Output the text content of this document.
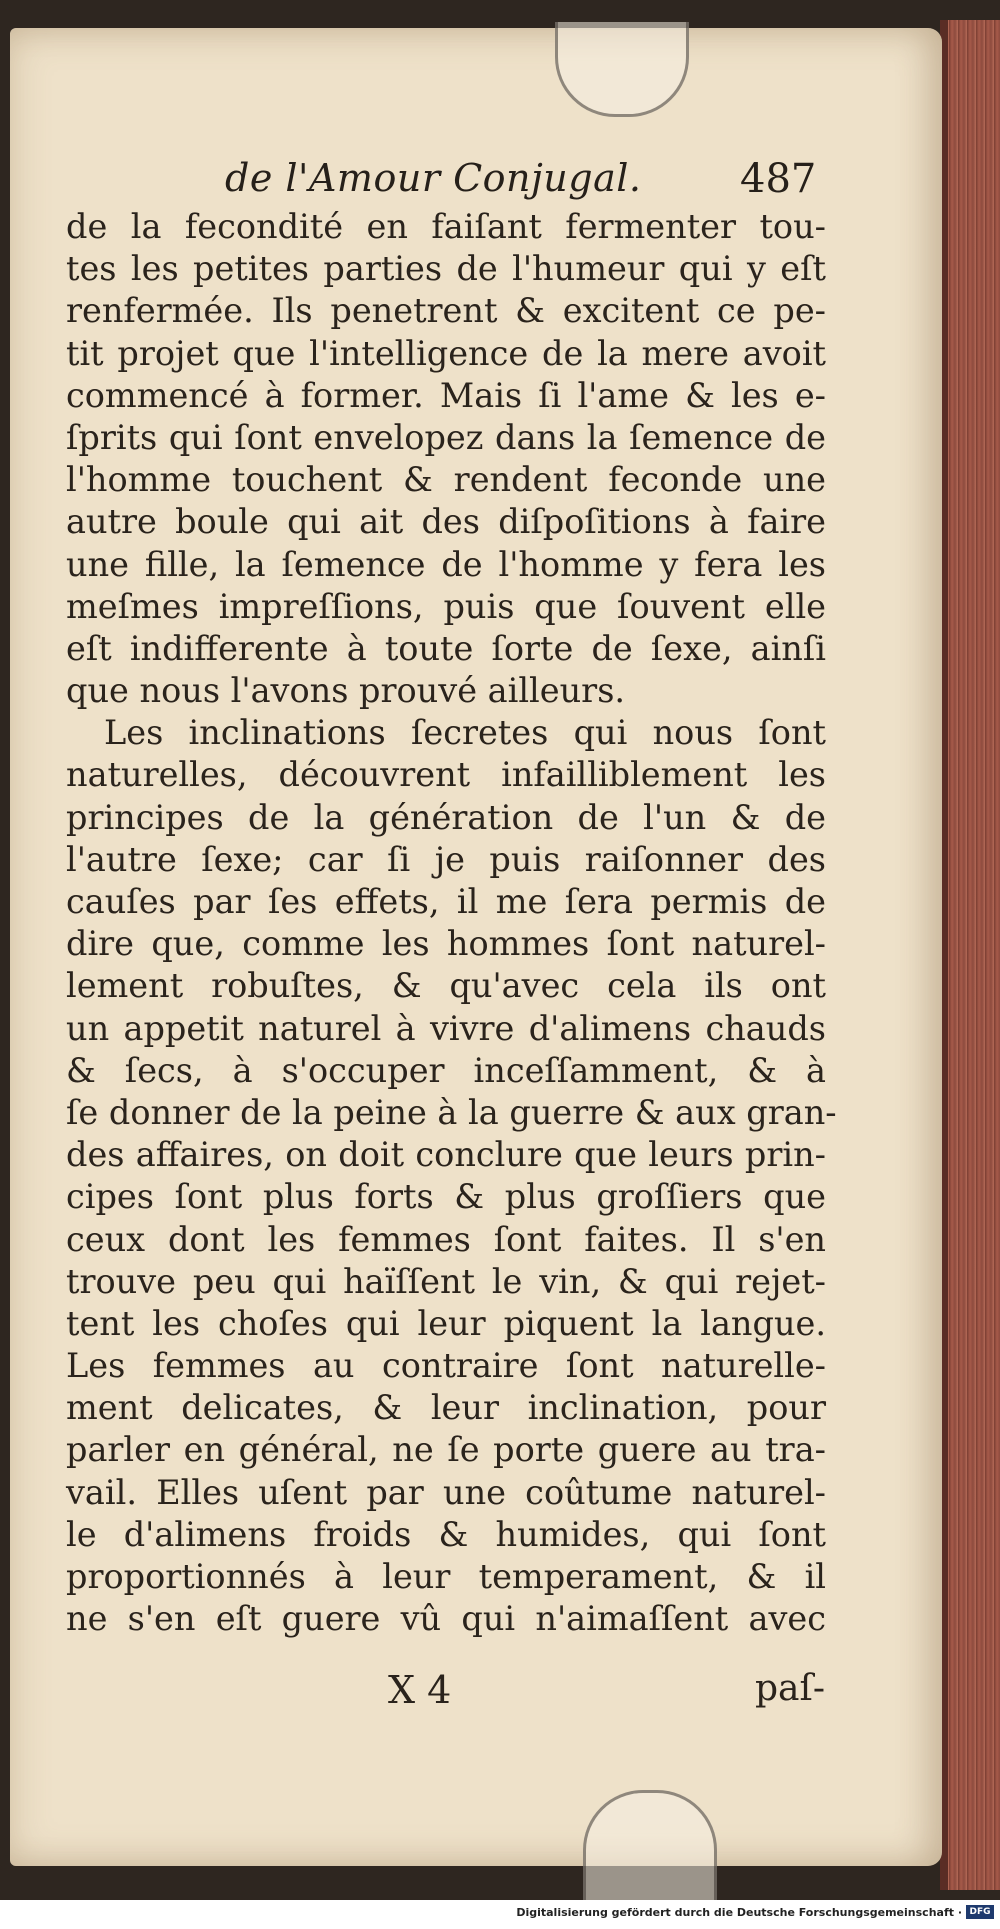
de l'Amour Conjugal. 487
de la fecondité en faiſant fermenter tou-
tes les petites parties de l'humeur qui y eſt
renfermée. Ils penetrent & excitent ce pe-
tit projet que l'intelligence de la mere avoit
commencé à former. Mais ſi l'ame & les e-
ſprits qui ſont envelopez dans la ſemence de
l'homme touchent & rendent feconde une
autre boule qui ait des diſpoſitions à faire
une fille, la ſemence de l'homme y fera les
meſmes impreſſions, puis que ſouvent elle
eſt indifferente à toute ſorte de ſexe, ainſi
que nous l'avons prouvé ailleurs.
Les inclinations ſecretes qui nous ſont
naturelles, découvrent infailliblement les
principes de la génération de l'un & de
l'autre ſexe; car ſi je puis raiſonner des
cauſes par ſes effets, il me ſera permis de
dire que, comme les hommes ſont naturel-
lement robuſtes, & qu'avec cela ils ont
un appetit naturel à vivre d'alimens chauds
& ſecs, à s'occuper inceſſamment, & à
ſe donner de la peine à la guerre & aux gran-
des affaires, on doit conclure que leurs prin-
cipes ſont plus forts & plus groſſiers que
ceux dont les femmes ſont faites. Il s'en
trouve peu qui haïſſent le vin, & qui rejet-
tent les choſes qui leur piquent la langue.
Les femmes au contraire ſont naturelle-
ment delicates, & leur inclination, pour
parler en général, ne ſe porte guere au tra-
vail. Elles uſent par une coûtume naturel-
le d'alimens froids & humides, qui ſont
proportionnés à leur temperament, & il
ne s'en eſt guere vû qui n'aimaſſent avec
X 4	paſ-
Digitalisierung gefördert durch die Deutsche Forschungsgemeinschaft · DFG
